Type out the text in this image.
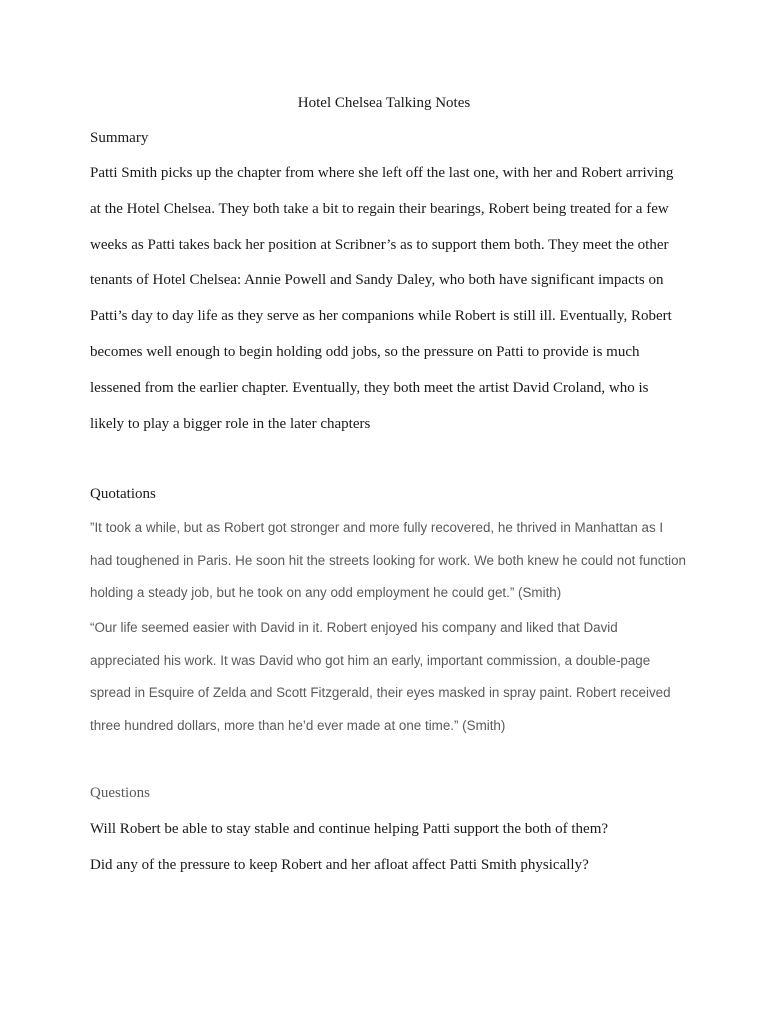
Hotel Chelsea Talking Notes
Summary
Patti Smith picks up the chapter from where she left off the last one, with her and Robert arriving
at the Hotel Chelsea. They both take a bit to regain their bearings, Robert being treated for a few
weeks as Patti takes back her position at Scribner’s as to support them both. They meet the other
tenants of Hotel Chelsea: Annie Powell and Sandy Daley, who both have significant impacts on
Patti’s day to day life as they serve as her companions while Robert is still ill. Eventually, Robert
becomes well enough to begin holding odd jobs, so the pressure on Patti to provide is much
lessened from the earlier chapter. Eventually, they both meet the artist David Croland, who is
likely to play a bigger role in the later chapters
Quotations
”It took a while, but as Robert got stronger and more fully recovered, he thrived in Manhattan as I
had toughened in Paris. He soon hit the streets looking for work. We both knew he could not function
holding a steady job, but he took on any odd employment he could get.” (Smith)
“Our life seemed easier with David in it. Robert enjoyed his company and liked that David
appreciated his work. It was David who got him an early, important commission, a double-page
spread in Esquire of Zelda and Scott Fitzgerald, their eyes masked in spray paint. Robert received
three hundred dollars, more than he’d ever made at one time.” (Smith)
Questions
Will Robert be able to stay stable and continue helping Patti support the both of them?
Did any of the pressure to keep Robert and her afloat affect Patti Smith physically?
